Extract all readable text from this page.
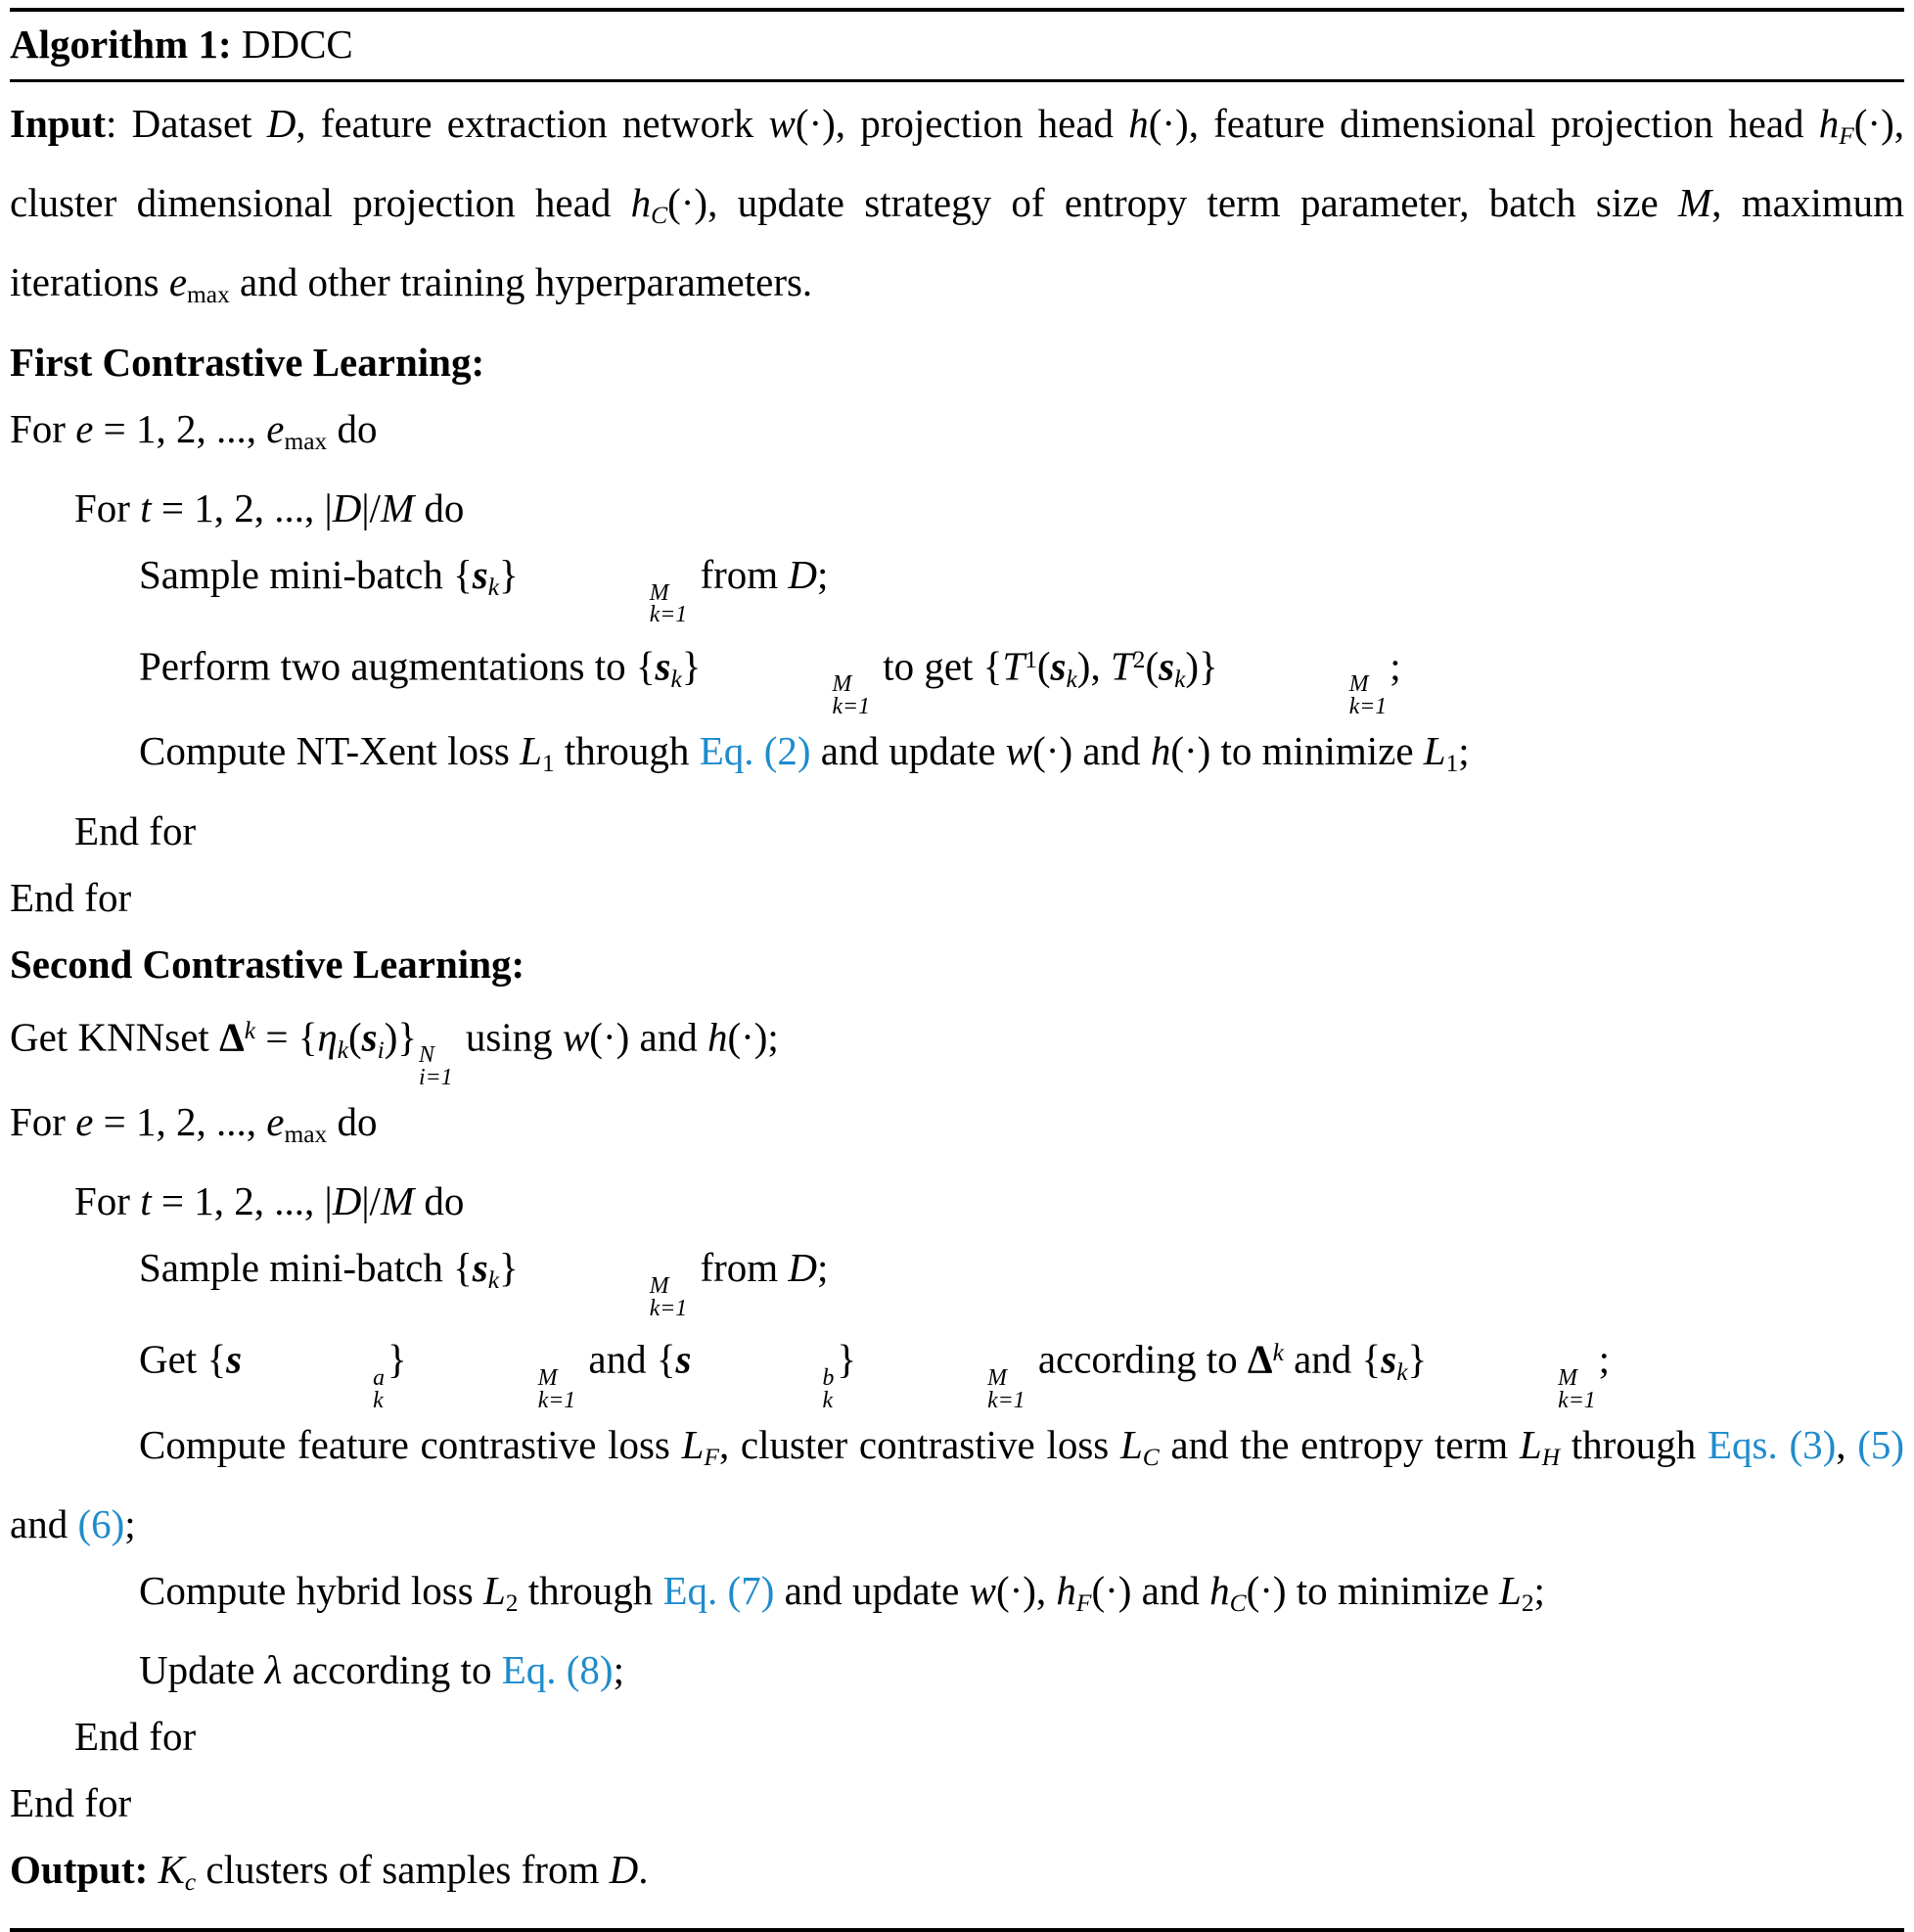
Algorithm 1: DDCC
Input: Dataset D, feature extraction network w(·), projection head h(·), feature dimensional projection head hF(·), cluster dimensional projection head hC(·), update strategy of entropy term parameter, batch size M, maximum iterations emax and other training hyperparameters.
First Contrastive Learning:
For e = 1, 2, ..., emax do
For t = 1, 2, ..., |D|/M do
Sample mini-batch {sk}	M
k=1
from D;
Perform two augmentations to {sk}	M
k=1
to get {$T^1(sk)$, $T^2(sk)$}	M
k=1
;
Compute NT-Xent loss L1 through Eq. (2) and update w(·) and h(·) to minimize L1;
End for
End for
Second Contrastive Learning:
Get KNNset $\Delta^k = \{\eta k(si)\}$ N
i=1
using w(·) and h(·);
For e = 1, 2, ..., emax do
For t = 1, 2, ..., |D|/M do
Sample mini-batch {sk}	M
k=1
from D;
Get {s	a
k
}	M
k=1
and {s	b
k
}	M
k=1
according to $\Delta^k$ and {sk}	M
k=1
;
Compute feature contrastive loss LF, cluster contrastive loss LC and the entropy term LH through Eqs. (3), (5) and (6);
Compute hybrid loss L2 through Eq. (7) and update w(·), hF(·) and hC(·) to minimize L2;
Update λ according to Eq. (8);
End for
End for
Output: Kc clusters of samples from D.
